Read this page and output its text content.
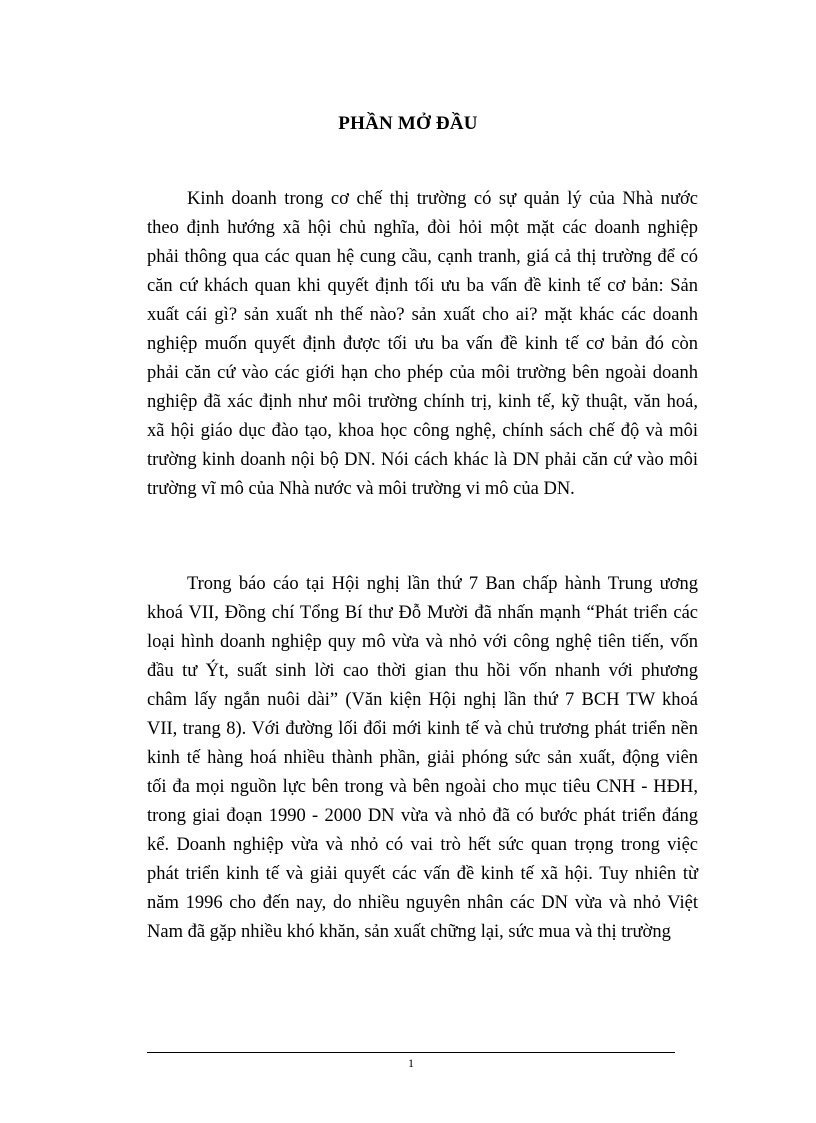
PHẦN MỞ ĐẦU
Kinh doanh trong cơ chế thị trường có sự quản lý của Nhà nước
theo định hướng xã hội chủ nghĩa, đòi hỏi một mặt các doanh nghiệp
phải thông qua các quan hệ cung cầu, cạnh tranh, giá cả thị trường để có
căn cứ khách quan khi quyết định tối ưu ba vấn đề kinh tế cơ bản: Sản
xuất cái gì? sản xuất nh thế nào? sản xuất cho ai? mặt khác các doanh
nghiệp muốn quyết định được tối ưu ba vấn đề kinh tế cơ bản đó còn
phải căn cứ vào các giới hạn cho phép của môi trường bên ngoài doanh
nghiệp đã xác định như môi trường chính trị, kinh tế, kỹ thuật, văn hoá,
xã hội giáo dục đào tạo, khoa học công nghệ, chính sách chế độ và môi
trường kinh doanh nội bộ DN. Nói cách khác là DN phải căn cứ vào môi
trường vĩ mô của Nhà nước và môi trường vi mô của DN.
Trong báo cáo tại Hội nghị lần thứ 7 Ban chấp hành Trung ương
khoá VII, Đồng chí Tổng Bí thư Đỗ Mười đã nhấn mạnh “Phát triển các
loại hình doanh nghiệp quy mô vừa và nhỏ với công nghệ tiên tiến, vốn
đầu tư Ýt, suất sinh lời cao thời gian thu hồi vốn nhanh với phương
châm lấy ngắn nuôi dài” (Văn kiện Hội nghị lần thứ 7 BCH TW khoá
VII, trang 8). Với đường lối đổi mới kinh tế và chủ trương phát triển nền
kinh tế hàng hoá nhiều thành phần, giải phóng sức sản xuất, động viên
tối đa mọi nguồn lực bên trong và bên ngoài cho mục tiêu CNH - HĐH,
trong giai đoạn 1990 - 2000 DN vừa và nhỏ đã có bước phát triển đáng
kể. Doanh nghiệp vừa và nhỏ có vai trò hết sức quan trọng trong việc
phát triển kinh tế và giải quyết các vấn đề kinh tế xã hội. Tuy nhiên từ
năm 1996 cho đến nay, do nhiều nguyên nhân các DN vừa và nhỏ Việt
Nam đã gặp nhiều khó khăn, sản xuất chững lại, sức mua và thị trường
1
